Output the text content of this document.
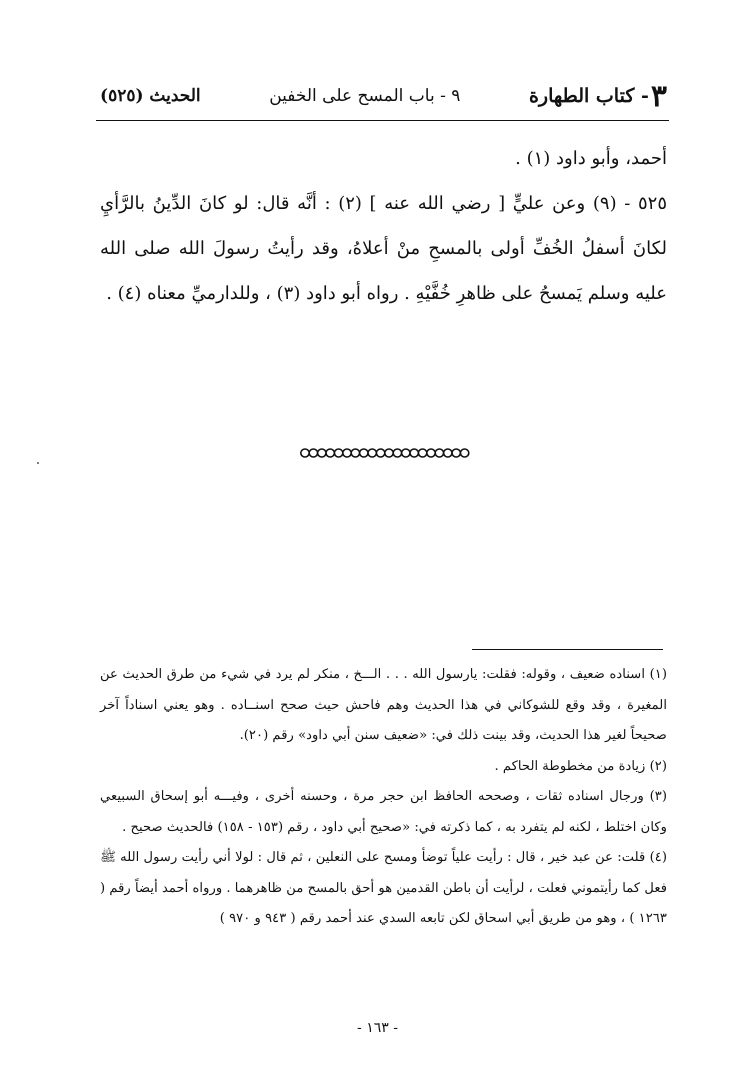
٣- كتاب الطهارة
٩ - باب المسح على الخفين
الحديث (٥٢٥)

أحمد، وأبو داود (١) .

٥٢٥ - (٩) وعن عليٍّ [ رضي الله عنه ] (٢) : أنَّه قال: لو كانَ الدِّينُ بالرَّأيِ لكانَ أسفلُ الخُفِّ أولى بالمسحِ منْ أعلاهُ، وقد رأيتُ رسولَ الله صلى الله عليه وسلم يَمسحُ على ظاهرِ خُفَّيْهِ . رواه أبو داود (٣) ، وللدارميِّ معناه (٤) .

(١) اسناده ضعيف ، وقوله: فقلت: يارسول الله . . . الـــخ ، منكر لم يرد في شيء من طرق الحديث عن المغيرة ، وقد وقع للشوكاني في هذا الحديث وهم فاحش حيث صحح اسنــاده . وهو يعني اسناداً آخر صحيحاً لغير هذا الحديث، وقد بينت ذلك في: «ضعيف سنن أبي داود» رقم (٢٠).

(٢) زيادة من مخطوطة الحاكم .

(٣) ورجال اسناده ثقات ، وصححه الحافظ ابن حجر مرة ، وحسنه أخرى ، وفيـــه أبو إسحاق السبيعي وكان اختلط ، لكنه لم يتفرد به ، كما ذكرته في: «صحيح أبي داود ، رقم (١٥٣ - ١٥٨) فالحديث صحيح .

(٤) قلت: عن عبد خير ، قال : رأيت علياً توضأ ومسح على النعلين ، ثم قال : لولا أني رأيت رسول الله ﷺ فعل كما رأيتموني فعلت ، لرأيت أن باطن القدمين هو أحق بالمسح من ظاهرهما . ورواه أحمد أيضاً رقم ( ١٢٦٣ ) ، وهو من طريق أبي اسحاق لكن تابعه السدي عند أحمد رقم ( ٩٤٣ و ٩٧٠ )

- ١٦٣ -
